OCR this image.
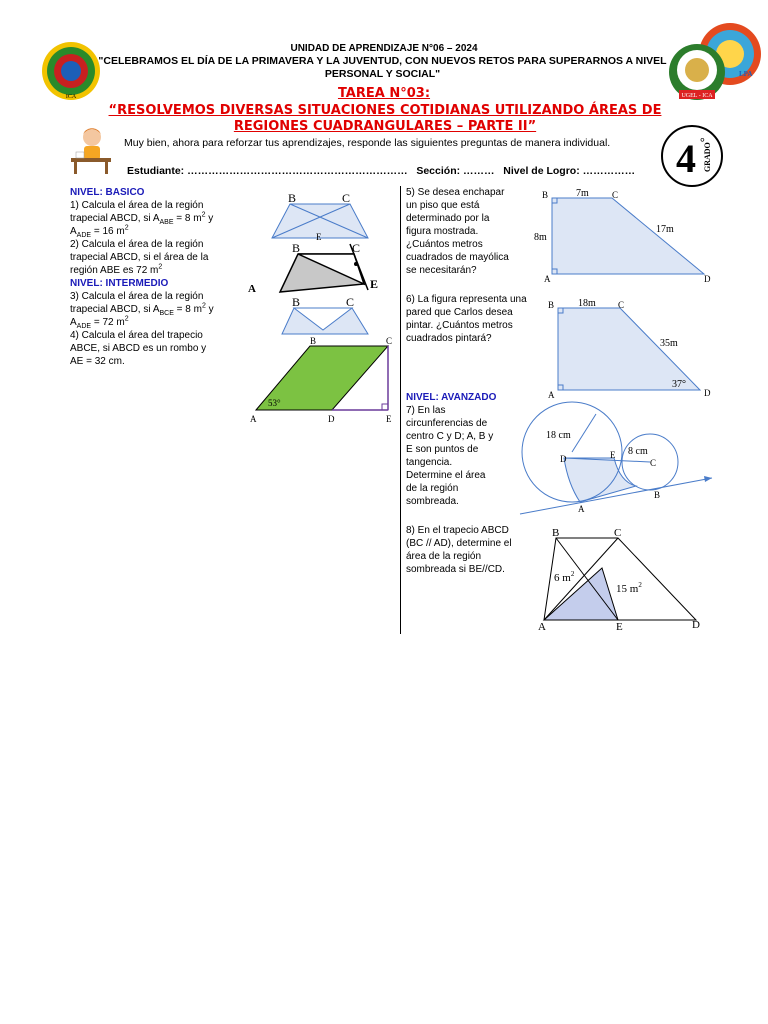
ICA
UNIDAD DE APRENDIZAJE N°06 – 2024
"CELEBRAMOS EL DÍA DE LA PRIMAVERA Y LA JUVENTUD, CON NUEVOS RETOS PARA SUPERARNOS A NIVEL
PERSONAL Y SOCIAL"	LPA
UGEL - ICA
TAREA N°03:
“RESOLVEMOS DIVERSAS SITUACIONES COTIDIANAS UTILIZANDO ÁREAS DE
REGIONES CUADRANGULARES – PARTE II”
Muy bien, ahora para reforzar tus aprendizajes, responde las siguientes preguntas de manera individual.
Estudiante: ………………………………………………………   Sección: ………   Nivel de Logro: …………… 4 °
GRADO
NIVEL: BASICO
1) Calcula el área de la región
trapecial ABCD, si $A_{ABE} = 8$ $m^2$ y
$A_{ADE} = 16$ $m^2$
2) Calcula el área de la región
trapecial ABCD, si el área de la
región ABE es 72 $m^2$
NIVEL: INTERMEDIO
3) Calcula el área de la región
trapecial ABCD, si $A_{BCE} = 8$ $m^2$ y
$A_{ADE} = 72$ $m^2$
4) Calcula el área del trapecio
ABCE, si ABCD es un rombo y
AE = 32 cm.
B	C
E
B	C
E
A
B	C
B	C
A	D	E
53°
5) Se desea enchapar
un piso que está
determinado por la
figura mostrada.
¿Cuántos metros
cuadrados de mayólica
se necesitarán?
B	C
A	D
7m
8m
17m
6) La figura representa una
pared que Carlos desea
pintar. ¿Cuántos metros
cuadrados pintará?
B	C
A	D
18m
35m
37°
NIVEL: AVANZADO
7) En las
circunferencias de
centro C y D; A, B y
E son puntos de
tangencia.
Determine el área
de la región
sombreada.
18 cm
8 cm
D	E
C
A
B
8) En el trapecio ABCD
(BC // AD), determine el
área de la región
sombreada si BE//CD.
B	C
A	E	D
6 $m^2$
15 $m^2$
